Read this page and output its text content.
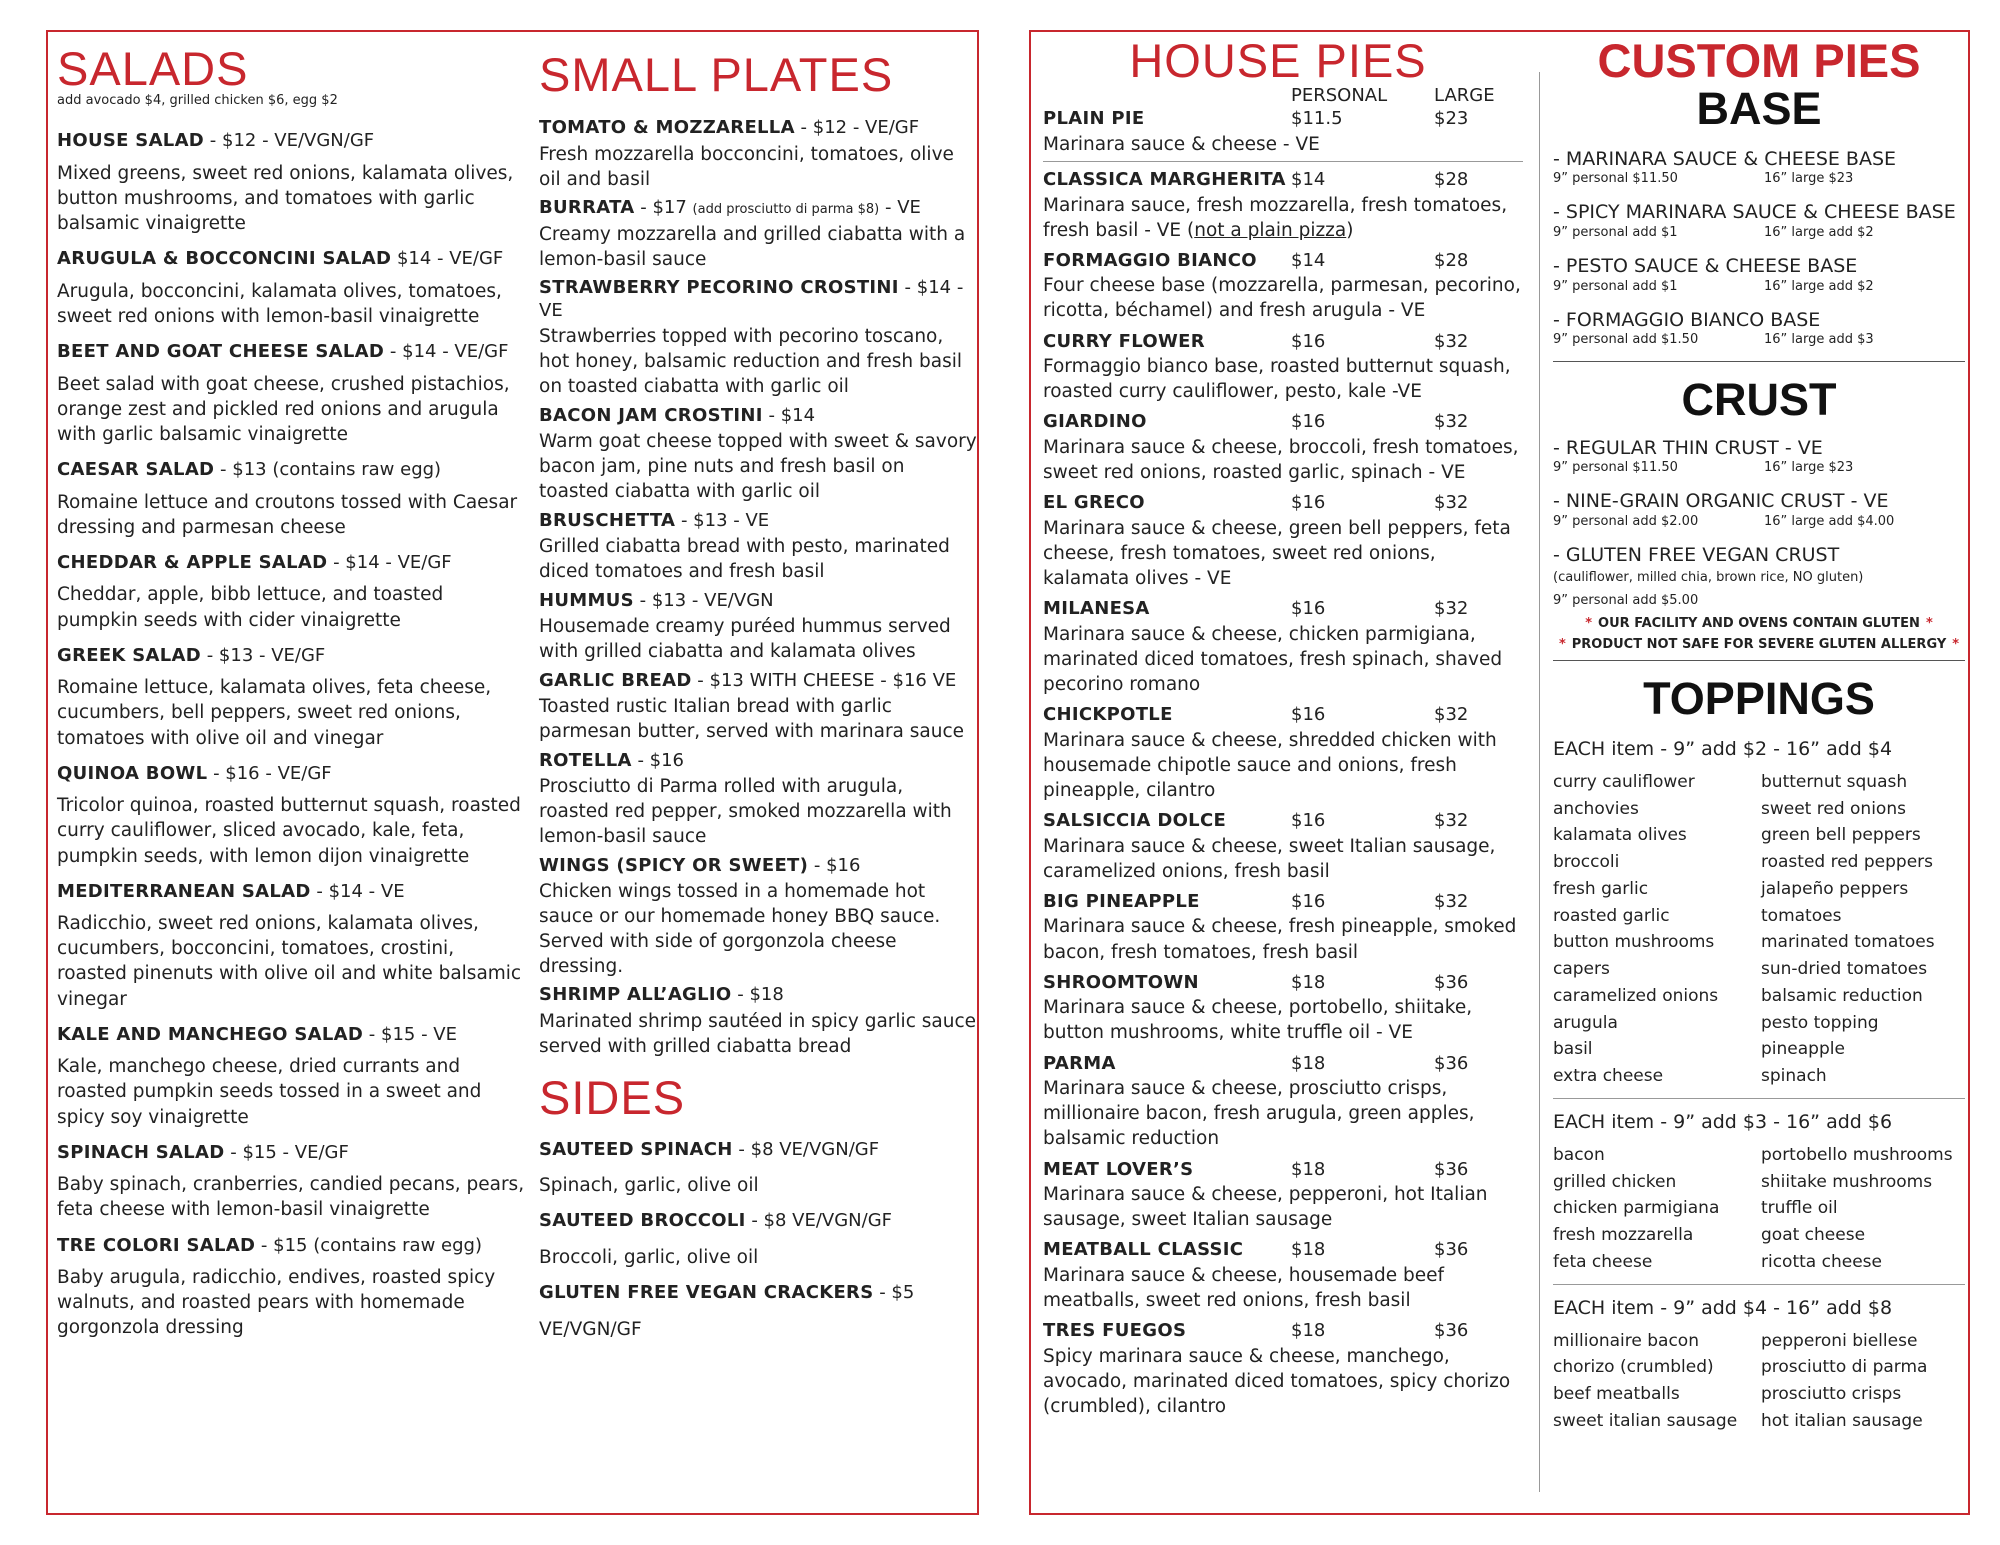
SALADS

add avocado $4, grilled chicken $6, egg $2

HOUSE SALAD - $12 - VE/VGN/GF

Mixed greens, sweet red onions, kalamata olives, button mushrooms, and tomatoes with garlic balsamic vinaigrette

ARUGULA & BOCCONCINI SALAD $14 - VE/GF

Arugula, bocconcini, kalamata olives, tomatoes, sweet red onions with lemon-basil vinaigrette

BEET AND GOAT CHEESE SALAD - $14 - VE/GF

Beet salad with goat cheese, crushed pistachios, orange zest and pickled red onions and arugula with garlic balsamic vinaigrette

CAESAR SALAD - $13 (contains raw egg)

Romaine lettuce and croutons tossed with Caesar dressing and parmesan cheese

CHEDDAR & APPLE SALAD - $14 - VE/GF

Cheddar, apple, bibb lettuce, and toasted pumpkin seeds with cider vinaigrette

GREEK SALAD - $13 - VE/GF

Romaine lettuce, kalamata olives, feta cheese, cucumbers, bell peppers, sweet red onions, tomatoes with olive oil and vinegar

QUINOA BOWL - $16 - VE/GF

Tricolor quinoa, roasted butternut squash, roasted curry cauliflower, sliced avocado, kale, feta, pumpkin seeds, with lemon dijon vinaigrette

MEDITERRANEAN SALAD - $14 - VE

Radicchio, sweet red onions, kalamata olives, cucumbers, bocconcini, tomatoes, crostini, roasted pinenuts with olive oil and white balsamic vinegar

KALE AND MANCHEGO SALAD - $15 - VE

Kale, manchego cheese, dried currants and roasted pumpkin seeds tossed in a sweet and spicy soy vinaigrette

SPINACH SALAD - $15 - VE/GF

Baby spinach, cranberries, candied pecans, pears, feta cheese with lemon-basil vinaigrette

TRE COLORI SALAD - $15 (contains raw egg)

Baby arugula, radicchio, endives, roasted spicy walnuts, and roasted pears with homemade gorgonzola dressing

SMALL PLATES

TOMATO & MOZZARELLA - $12 - VE/GF

Fresh mozzarella bocconcini, tomatoes, olive oil and basil

BURRATA - $17 (add prosciutto di parma $8) - VE

Creamy mozzarella and grilled ciabatta with a lemon-basil sauce

STRAWBERRY PECORINO CROSTINI - $14 - VE

Strawberries topped with pecorino toscano, hot honey, balsamic reduction and fresh basil on toasted ciabatta with garlic oil

BACON JAM CROSTINI - $14

Warm goat cheese topped with sweet & savory bacon jam, pine nuts and fresh basil on toasted ciabatta with garlic oil

BRUSCHETTA - $13 - VE

Grilled ciabatta bread with pesto, marinated diced tomatoes and fresh basil

HUMMUS - $13 - VE/VGN

Housemade creamy puréed hummus served with grilled ciabatta and kalamata olives

GARLIC BREAD - $13 WITH CHEESE - $16 VE

Toasted rustic Italian bread with garlic parmesan butter, served with marinara sauce

ROTELLA - $16

Prosciutto di Parma rolled with arugula, roasted red pepper, smoked mozzarella with lemon-basil sauce

WINGS (SPICY OR SWEET) - $16

Chicken wings tossed in a homemade hot sauce or our homemade honey BBQ sauce. Served with side of gorgonzola cheese dressing.

SHRIMP ALL’AGLIO - $18

Marinated shrimp sautéed in spicy garlic sauce served with grilled ciabatta bread

SIDES

SAUTEED SPINACH - $8 VE/VGN/GF

Spinach, garlic, olive oil

SAUTEED BROCCOLI - $8 VE/VGN/GF

Broccoli, garlic, olive oil

GLUTEN FREE VEGAN CRACKERS - $5

VE/VGN/GF

HOUSE PIES
PERSONAL	LARGE
PLAIN PIE	$11.5	$23

Marinara sauce & cheese - VE

CLASSICA MARGHERITA $14	$28

Marinara sauce, fresh mozzarella, fresh tomatoes, fresh basil - VE (not a plain pizza)

FORMAGGIO BIANCO	$14	$28

Four cheese base (mozzarella, parmesan, pecorino, ricotta, béchamel) and fresh arugula - VE

CURRY FLOWER	$16	$32

Formaggio bianco base, roasted butternut squash, roasted curry cauliflower, pesto, kale -VE

GIARDINO	$16	$32

Marinara sauce & cheese, broccoli, fresh tomatoes, sweet red onions, roasted garlic, spinach - VE

EL GRECO	$16	$32

Marinara sauce & cheese, green bell peppers, feta cheese, fresh tomatoes, sweet red onions, kalamata olives - VE

MILANESA	$16	$32

Marinara sauce & cheese, chicken parmigiana, marinated diced tomatoes, fresh spinach, shaved pecorino romano

CHICKPOTLE	$16	$32

Marinara sauce & cheese, shredded chicken with housemade chipotle sauce and onions, fresh pineapple, cilantro

SALSICCIA DOLCE	$16	$32

Marinara sauce & cheese, sweet Italian sausage, caramelized onions, fresh basil

BIG PINEAPPLE	$16	$32

Marinara sauce & cheese, fresh pineapple, smoked bacon, fresh tomatoes, fresh basil

SHROOMTOWN	$18	$36

Marinara sauce & cheese, portobello, shiitake, button mushrooms, white truffle oil - VE

PARMA	$18	$36

Marinara sauce & cheese, prosciutto crisps, millionaire bacon, fresh arugula, green apples, balsamic reduction

MEAT LOVER’S	$18	$36

Marinara sauce & cheese, pepperoni, hot Italian sausage, sweet Italian sausage

MEATBALL CLASSIC	$18	$36

Marinara sauce & cheese, housemade beef meatballs, sweet red onions, fresh basil

TRES FUEGOS	$18	$36

Spicy marinara sauce & cheese, manchego, avocado, marinated diced tomatoes, spicy chorizo (crumbled), cilantro

CUSTOM PIES
BASE

- MARINARA SAUCE & CHEESE BASE

9” personal $11.50	16” large $23

- SPICY MARINARA SAUCE & CHEESE BASE

9” personal add $1	16” large add $2

- PESTO SAUCE & CHEESE BASE

9” personal add $1	16” large add $2

- FORMAGGIO BIANCO BASE

9” personal add $1.50	16” large add $3

CRUST

- REGULAR THIN CRUST - VE

9” personal $11.50	16” large $23

- NINE-GRAIN ORGANIC CRUST - VE

9” personal add $2.00	16” large add $4.00

- GLUTEN FREE VEGAN CRUST

(cauliflower, milled chia, brown rice, NO gluten)

9” personal add $5.00

* OUR FACILITY AND OVENS CONTAIN GLUTEN *

* PRODUCT NOT SAFE FOR SEVERE GLUTEN ALLERGY *

TOPPINGS

EACH item - 9” add $2 - 16” add $4

curry cauliflower	butternut squash
anchovies	sweet red onions
kalamata olives	green bell peppers
broccoli	roasted red peppers
fresh garlic	jalapeño peppers
roasted garlic	tomatoes
button mushrooms	marinated tomatoes
capers	sun-dried tomatoes
caramelized onions	balsamic reduction
arugula	pesto topping
basil	pineapple
extra cheese	spinach

EACH item - 9” add $3 - 16” add $6

bacon	portobello mushrooms
grilled chicken	shiitake mushrooms
chicken parmigiana	truffle oil
fresh mozzarella	goat cheese
feta cheese	ricotta cheese

EACH item - 9” add $4 - 16” add $8

millionaire bacon	pepperoni biellese
chorizo (crumbled)	prosciutto di parma
beef meatballs	prosciutto crisps
sweet italian sausage	hot italian sausage
